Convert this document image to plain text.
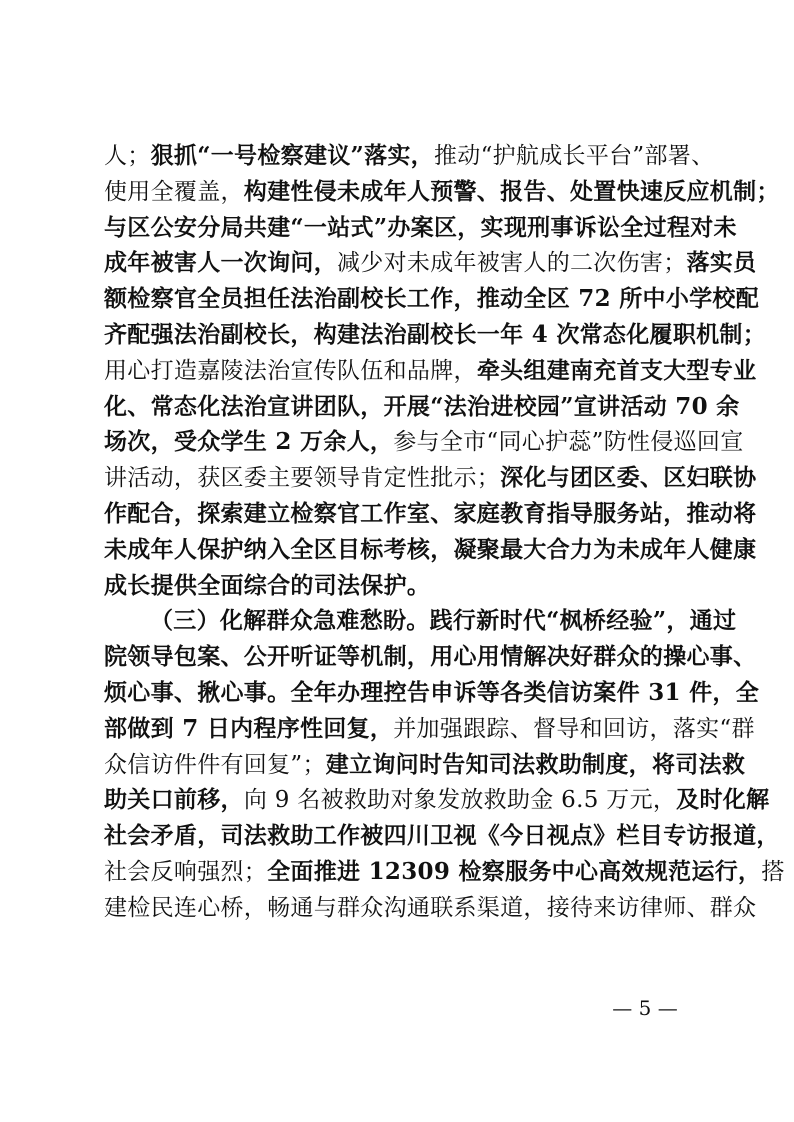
人；狠抓“一号检察建议”落实，推动“护航成长平台”部署、
使用全覆盖，构建性侵未成年人预警、报告、处置快速反应机制；
与区公安分局共建“一站式”办案区，实现刑事诉讼全过程对未
成年被害人一次询问，减少对未成年被害人的二次伤害；落实员
额检察官全员担任法治副校长工作，推动全区 72 所中小学校配
齐配强法治副校长，构建法治副校长一年 4 次常态化履职机制；
用心打造嘉陵法治宣传队伍和品牌，牵头组建南充首支大型专业
化、常态化法治宣讲团队，开展“法治进校园”宣讲活动 70 余
场次，受众学生 2 万余人，参与全市“同心护蕊”防性侵巡回宣
讲活动，获区委主要领导肯定性批示；深化与团区委、区妇联协
作配合，探索建立检察官工作室、家庭教育指导服务站，推动将
未成年人保护纳入全区目标考核，凝聚最大合力为未成年人健康
成长提供全面综合的司法保护。
（三）化解群众急难愁盼。践行新时代“枫桥经验”，通过
院领导包案、公开听证等机制，用心用情解决好群众的操心事、
烦心事、揪心事。全年办理控告申诉等各类信访案件 31 件，全
部做到 7 日内程序性回复，并加强跟踪、督导和回访，落实“群
众信访件件有回复”；建立询问时告知司法救助制度，将司法救
助关口前移，向 9 名被救助对象发放救助金 6.5 万元，及时化解
社会矛盾，司法救助工作被四川卫视《今日视点》栏目专访报道，
社会反响强烈；全面推进 12309 检察服务中心高效规范运行，搭
建检民连心桥，畅通与群众沟通联系渠道，接待来访律师、群众
— 5 —
